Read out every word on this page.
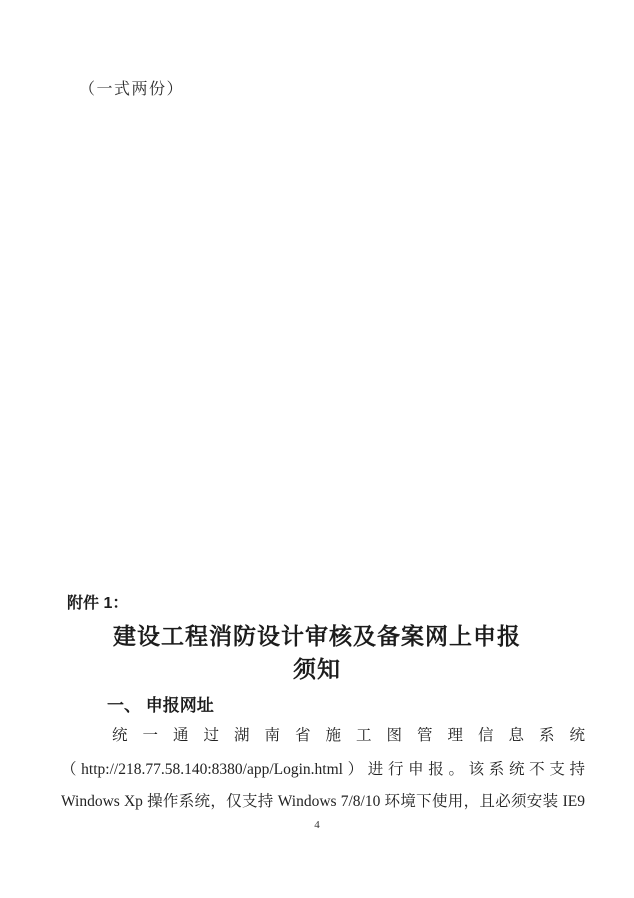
（一式两份）
附件 1：
建设工程消防设计审核及备案网上申报
须知
一、 申报网址
统一通过湖南省施工图管理信息系统
（http://218.77.58.140:8380/app/Login.html）进行申报。该系统不支持
Windows Xp 操作系统，仅支持 Windows 7/8/10 环境下使用，且必须安装 IE9
4
